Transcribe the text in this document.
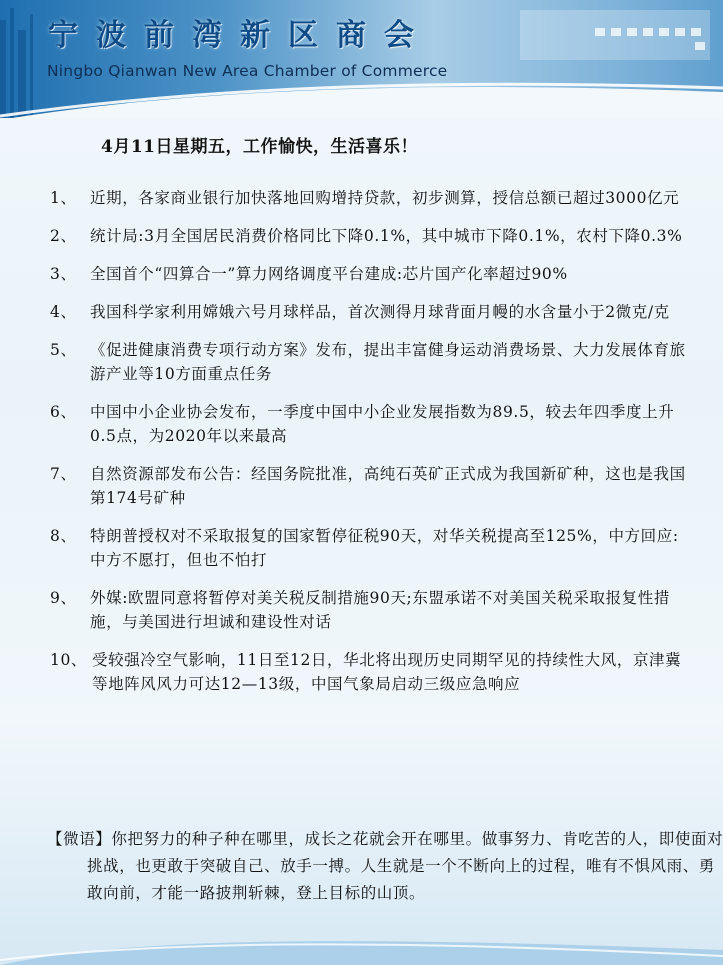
宁波前湾新区商会
Ningbo Qianwan New Area Chamber of Commerce
4月11日星期五，工作愉快，生活喜乐！
1、 近期，各家商业银行加快落地回购增持贷款，初步测算，授信总额已超过3000亿元
2、 统计局:3月全国居民消费价格同比下降0.1%，其中城市下降0.1%，农村下降0.3%
3、 全国首个“四算合一”算力网络调度平台建成:芯片国产化率超过90%
4、 我国科学家利用嫦娥六号月球样品，首次测得月球背面月幔的水含量小于2微克/克
5、 《促进健康消费专项行动方案》发布，提出丰富健身运动消费场景、大力发展体育旅游产业等10方面重点任务
6、 中国中小企业协会发布，一季度中国中小企业发展指数为89.5，较去年四季度上升0.5点，为2020年以来最高
7、 自然资源部发布公告：经国务院批准，高纯石英矿正式成为我国新矿种，这也是我国第174号矿种
8、 特朗普授权对不采取报复的国家暂停征税90天，对华关税提高至125%，中方回应:中方不愿打，但也不怕打
9、 外媒:欧盟同意将暂停对美关税反制措施90天;东盟承诺不对美国关税采取报复性措施，与美国进行坦诚和建设性对话
10、 受较强冷空气影响，11日至12日，华北将出现历史同期罕见的持续性大风，京津冀等地阵风风力可达12—13级，中国气象局启动三级应急响应
【微语】你把努力的种子种在哪里，成长之花就会开在哪里。做事努力、肯吃苦的人，即使面对挑战，也更敢于突破自己、放手一搏。人生就是一个不断向上的过程，唯有不惧风雨、勇敢向前，才能一路披荆斩棘，登上目标的山顶。
